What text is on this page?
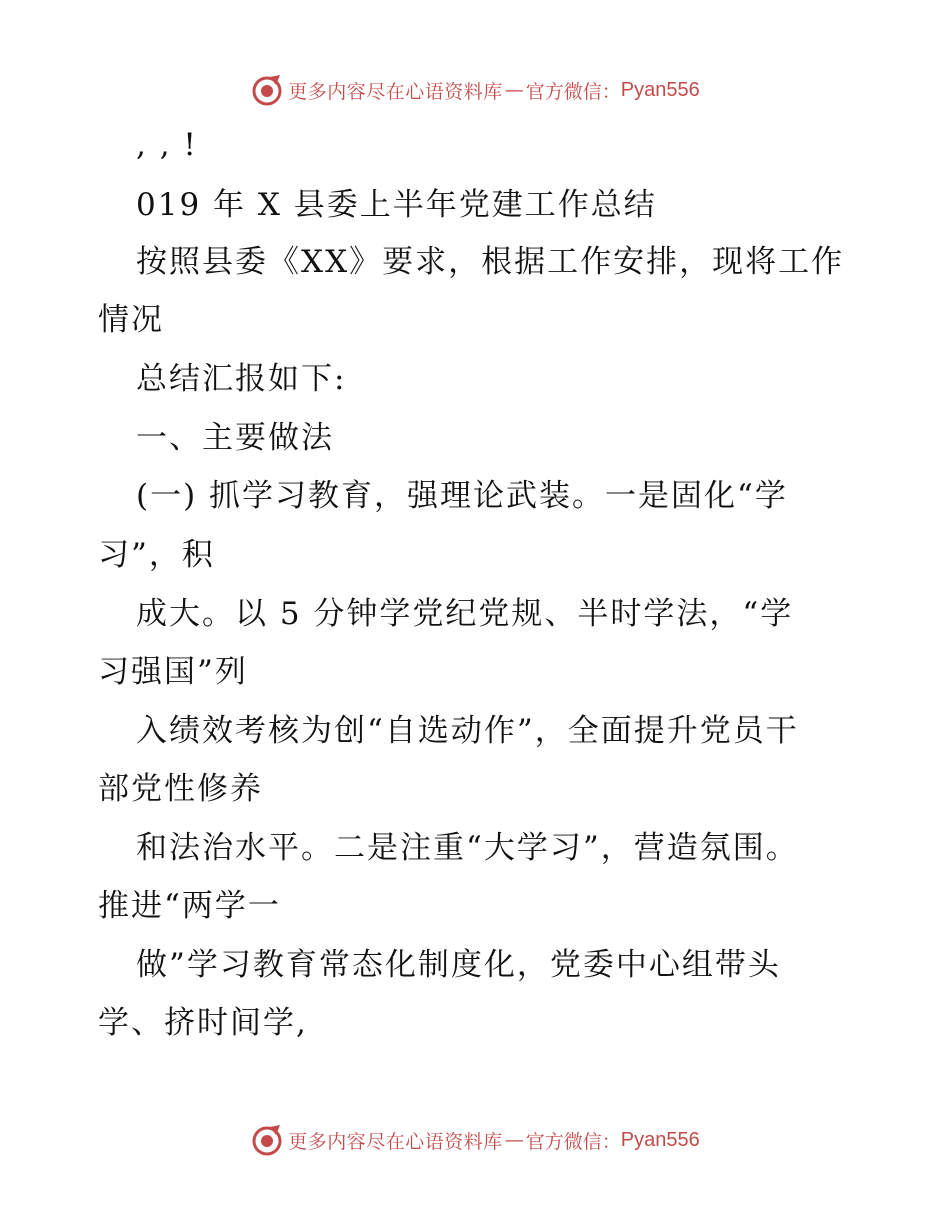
更多内容尽在心语资料库 — 官方微信： Pyan556
, , !
019 年 X 县委上半年党建工作总结
按照县委《XX》要求，根据工作安排，现将工作
情况
总结汇报如下:
一、主要做法
(一) 抓学习教育，强理论武装。一是固化“学
习”，积
成大。以 5 分钟学党纪党规、半时学法，“学
习强国”列
入绩效考核为创“自选动作”，全面提升党员干
部党性修养
和法治水平。二是注重“大学习”，营造氛围。
推进“两学一
做”学习教育常态化制度化，党委中心组带头
学、挤时间学,
更多内容尽在心语资料库 — 官方微信： Pyan556
